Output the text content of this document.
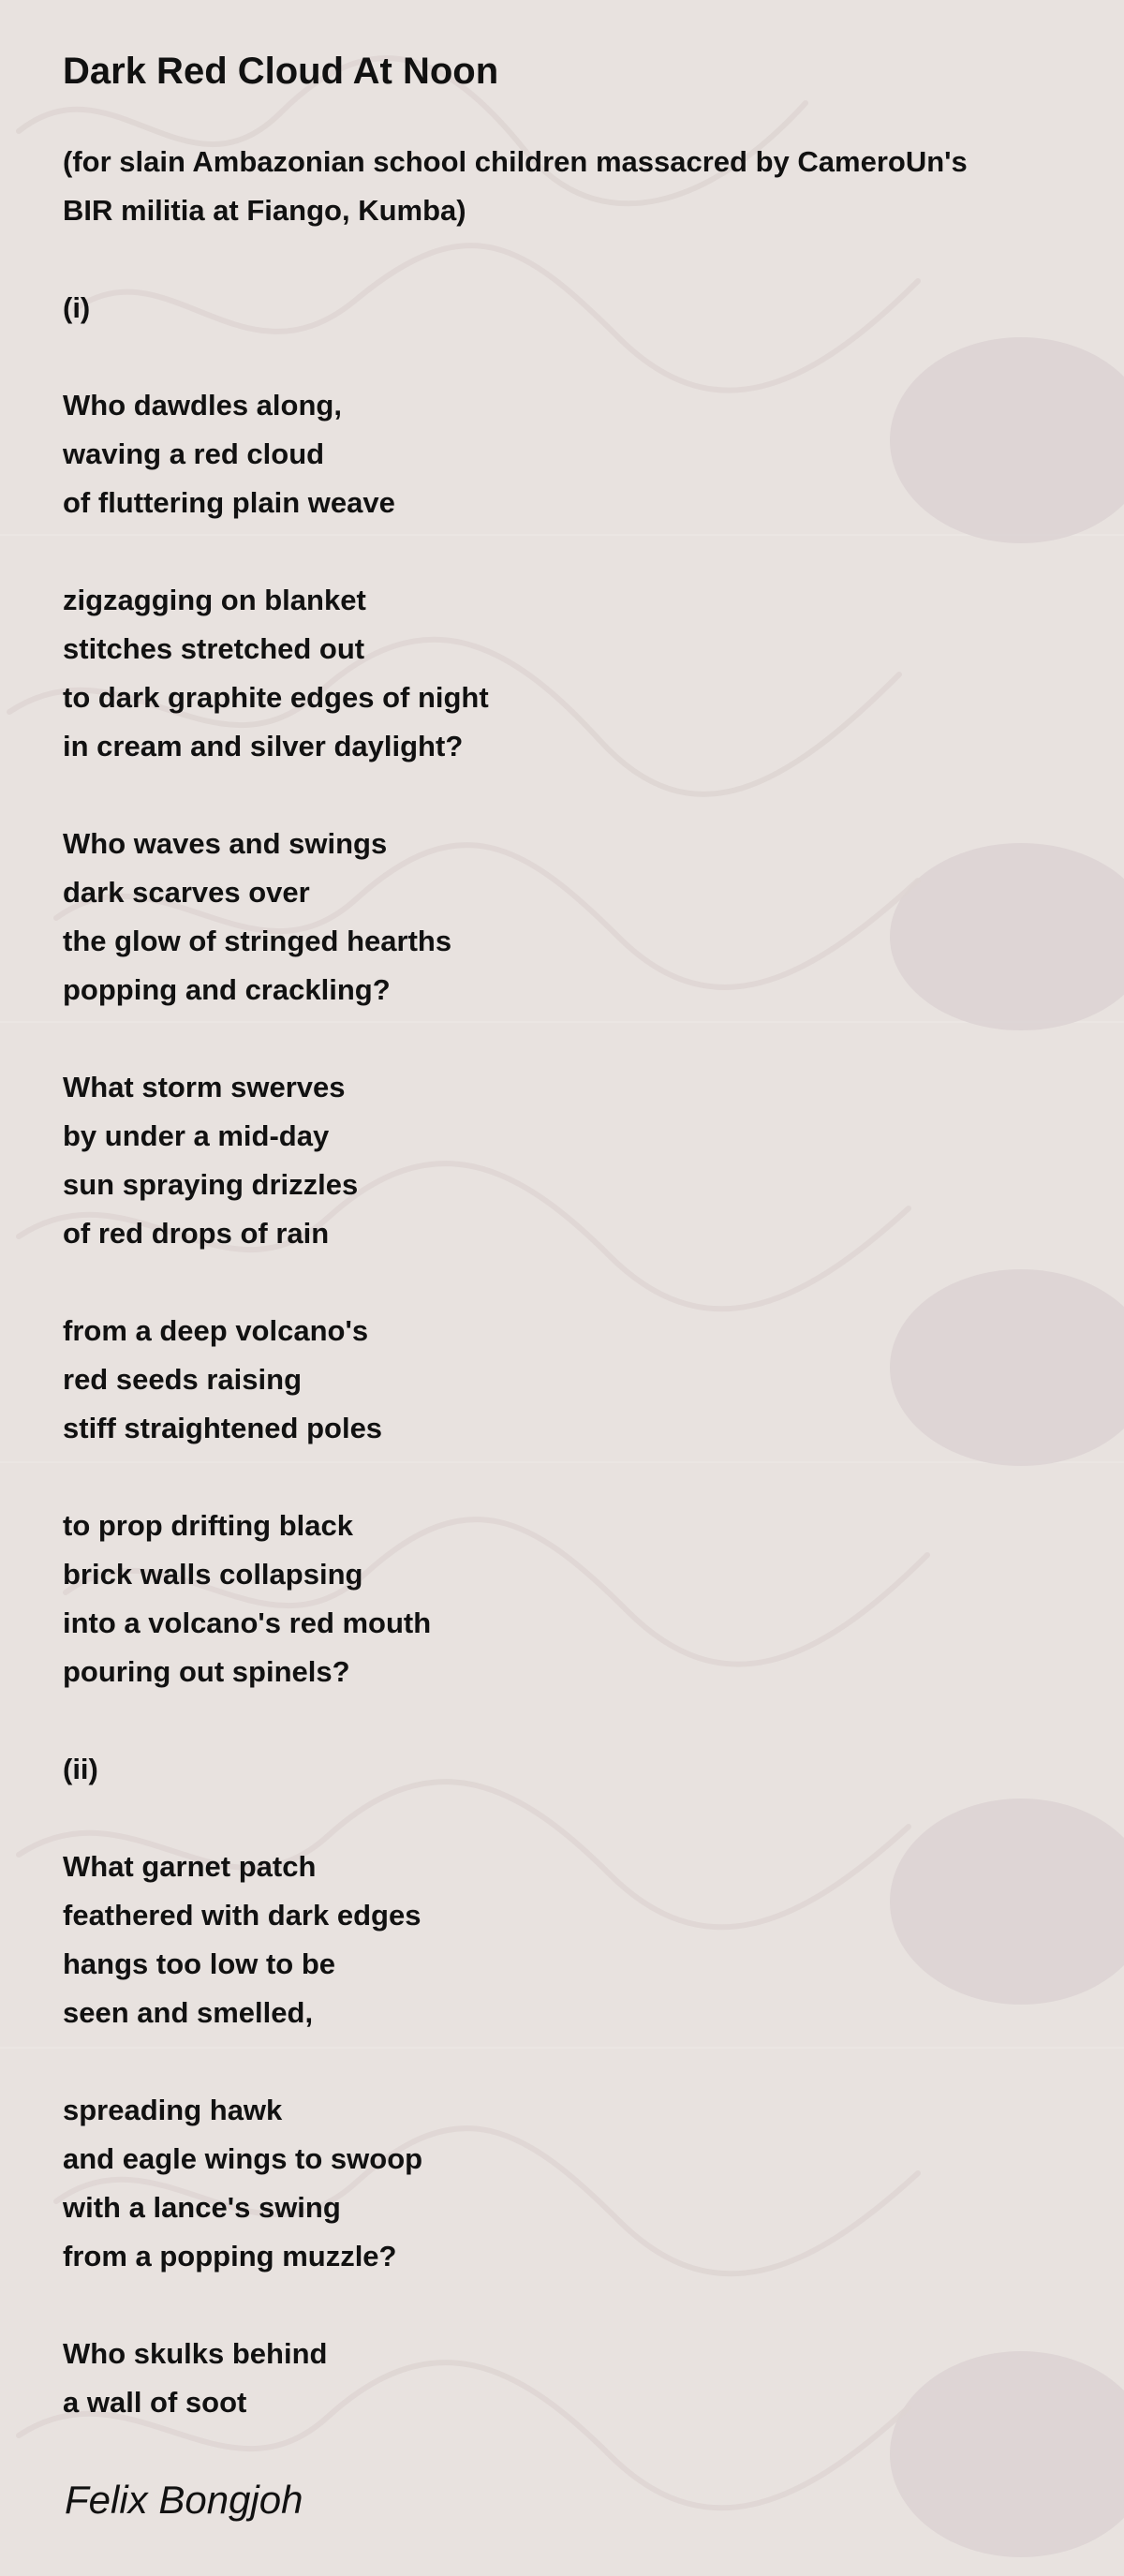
Dark Red Cloud At Noon
(for slain Ambazonian school children massacred by CameroUn's
BIR militia at Fiango, Kumba)
(i)
Who dawdles along,
waving a red cloud
of fluttering plain weave
zigzagging on blanket
stitches stretched out
to dark graphite edges of night
in cream and silver daylight?
Who waves and swings
dark scarves over
the glow of stringed hearths
popping and crackling?
What storm swerves
by under a mid-day
sun spraying drizzles
of red drops of rain
from a deep volcano's
red seeds raising
stiff straightened poles
to prop drifting black
brick walls collapsing
into a volcano's red mouth
pouring out spinels?
(ii)
What garnet patch
feathered with dark edges
hangs too low to be
seen and smelled,
spreading hawk
and eagle wings to swoop
with a lance's swing
from a popping muzzle?
Who skulks behind
a wall of soot
Felix Bongjoh
